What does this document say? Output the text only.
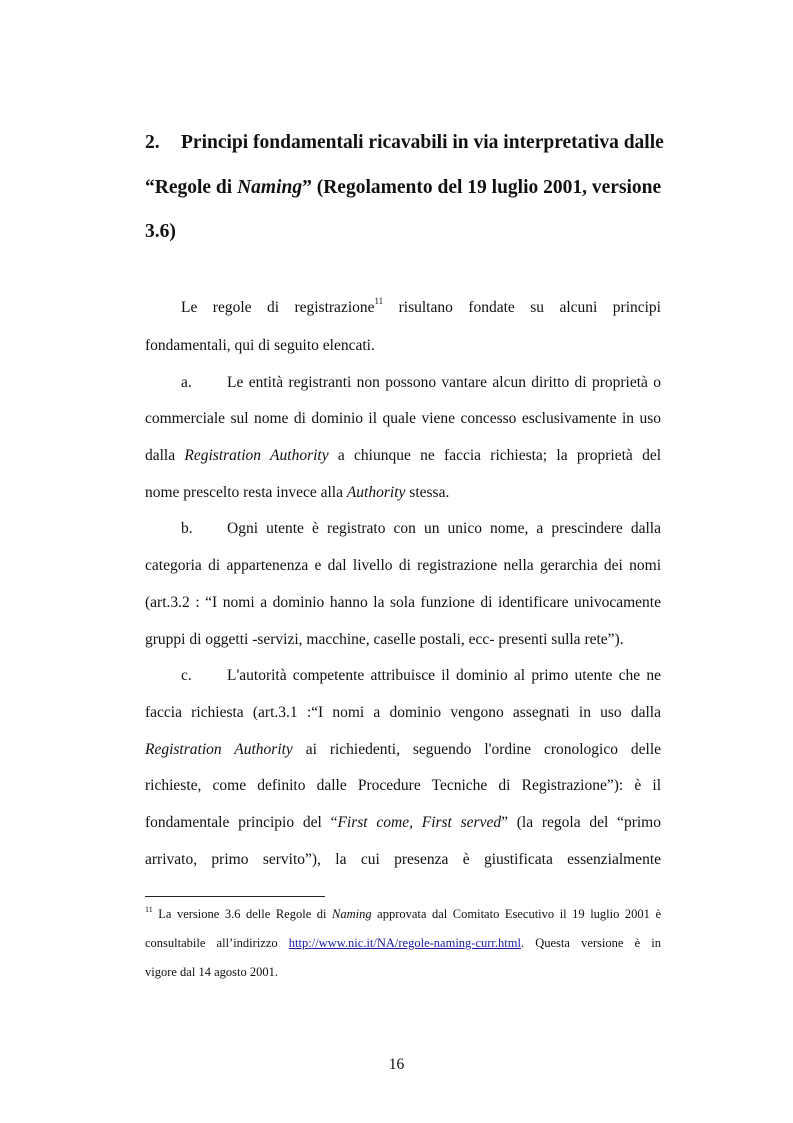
2. Principi fondamentali ricavabili in via interpretativa dalle
“Regole di Naming” (Regolamento del 19 luglio 2001, versione
3.6)
Le regole di registrazione$^{11}$ risultano fondate su alcuni principi
fondamentali, qui di seguito elencati.
a. Le entità registranti non possono vantare alcun diritto di proprietà o
commerciale sul nome di dominio il quale viene concesso esclusivamente in uso
dalla Registration Authority a chiunque ne faccia richiesta; la proprietà del
nome prescelto resta invece alla Authority stessa.
b. Ogni utente è registrato con un unico nome, a prescindere dalla
categoria di appartenenza e dal livello di registrazione nella gerarchia dei nomi
(art.3.2 : “I nomi a dominio hanno la sola funzione di identificare univocamente
gruppi di oggetti -servizi, macchine, caselle postali, ecc- presenti sulla rete”).
c. L'autorità competente attribuisce il dominio al primo utente che ne
faccia richiesta (art.3.1 :“I nomi a dominio vengono assegnati in uso dalla
Registration Authority ai richiedenti, seguendo l'ordine cronologico delle
richieste, come definito dalle Procedure Tecniche di Registrazione”): è il
fondamentale principio del “First come, First served” (la regola del “primo
arrivato, primo servito”), la cui presenza è giustificata essenzialmente
$^{11}$ La versione 3.6 delle Regole di Naming approvata dal Comitato Esecutivo il 19 luglio 2001 è
consultabile all’indirizzo http://www.nic.it/NA/regole-naming-curr.html. Questa versione è in
vigore dal 14 agosto 2001.
16
